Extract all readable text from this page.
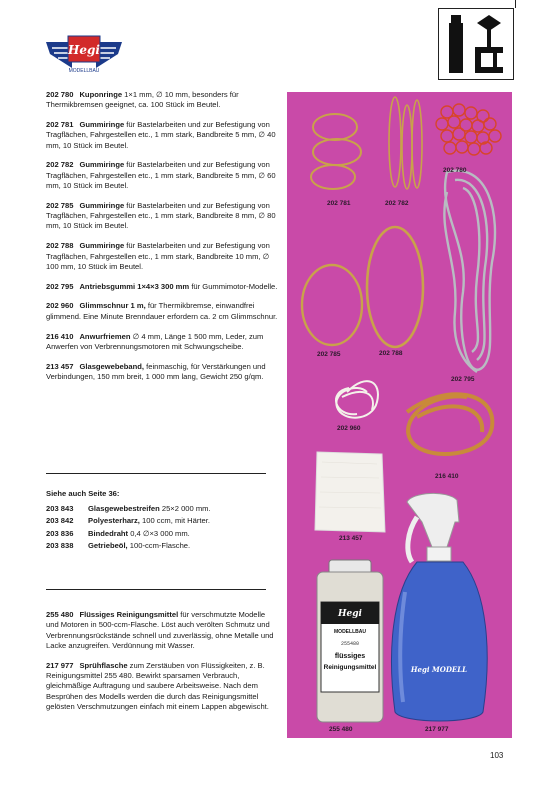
Hegi
MODELLBAU
202 780 Kuponringe 1×1 mm, ∅ 10 mm, besonders für Thermikbremsen geeignet, ca. 100 Stück im Beutel.
202 781 Gummiringe für Bastelarbeiten und zur Befestigung von Tragflächen, Fahrgestellen etc., 1 mm stark, Bandbreite 5 mm, ∅ 40 mm, 10 Stück im Beutel.
202 782 Gummiringe für Bastelarbeiten und zur Befestigung von Tragflächen, Fahrgestellen etc., 1 mm stark, Bandbreite 5 mm, ∅ 60 mm, 10 Stück im Beutel.
202 785 Gummiringe für Bastelarbeiten und zur Befestigung von Tragflächen, Fahrgestellen etc., 1 mm stark, Bandbreite 8 mm, ∅ 80 mm, 10 Stück im Beutel.
202 788 Gummiringe für Bastelarbeiten und zur Befestigung von Tragflächen, Fahrgestellen etc., 1 mm stark, Bandbreite 10 mm, ∅ 100 mm, 10 Stück im Beutel.
202 795 Antriebsgummi 1×4×3 300 mm für Gummimotor-Modelle.
202 960 Glimmschnur 1 m, für Thermikbremse, einwandfrei glimmend. Eine Minute Brenndauer erfordern ca. 2 cm Glimmschnur.
216 410 Anwurfriemen ∅ 4 mm, Länge 1 500 mm, Leder, zum Anwerfen von Verbrennungsmotoren mit Schwungscheibe.
213 457 Glasgewebeband, feinmaschig, für Verstärkungen und Verbindungen, 150 mm breit, 1 000 mm lang, Gewicht 250 g/qm.
Siehe auch Seite 36:
203 843	Glasgewebestreifen 25×2 000 mm.
203 842	Polyesterharz, 100 ccm, mit Härter.
203 836	Bindedraht 0,4 ∅×3 000 mm.
203 838	Getriebeöl, 100-ccm-Flasche.
255 480 Flüssiges Reinigungsmittel für verschmutzte Modelle und Motoren in 500-ccm-Flasche. Löst auch verölten Schmutz und Verbrennungsrückstände schnell und zuverlässig, ohne Metalle und Lacke anzugreifen. Verdünnung mit Wasser.
217 977 Sprühflasche zum Zerstäuben von Flüssigkeiten, z. B. Reinigungsmittel 255 480. Bewirkt sparsamen Verbrauch, gleichmäßige Auftragung und saubere Arbeitsweise. Nach dem Besprühen des Modells werden die durch das Reinigungsmittel gelösten Verschmutzungen einfach mit einem Lappen abgewischt.
Hegi
MODELLBAU
255480
flüssiges
Reinigungsmittel	Hegi MODELL
202 781	202 782
202 780
202 785	202 788
202 795
202 960
216 410
213 457
255 480	217 977
103
